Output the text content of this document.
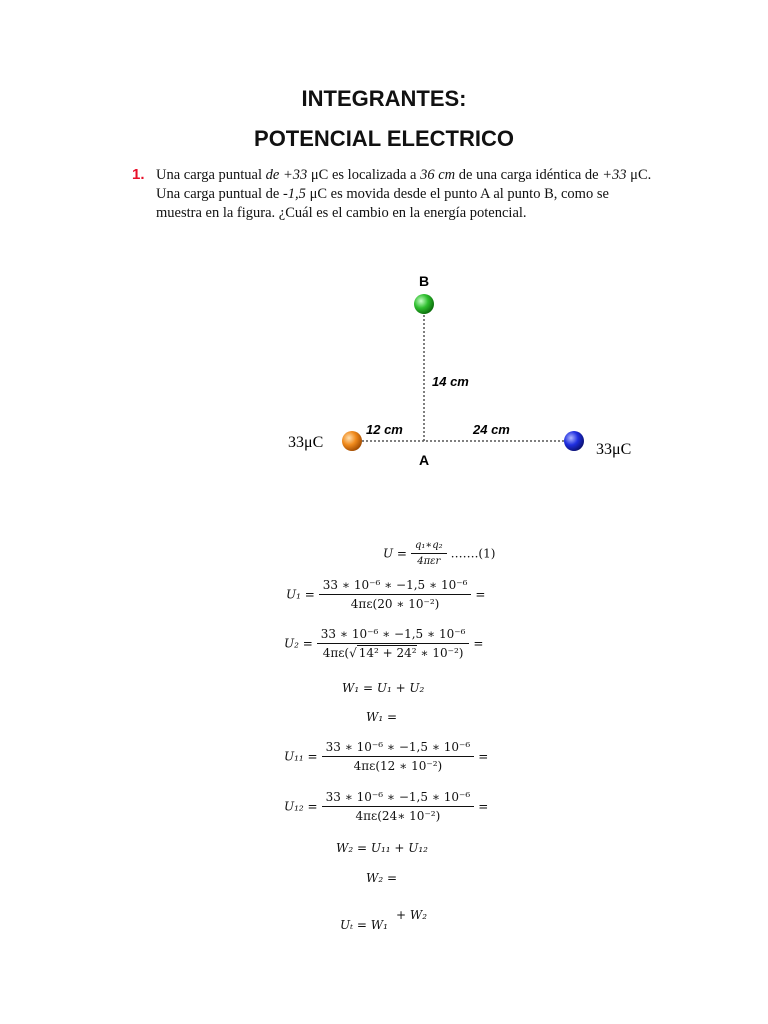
INTEGRANTES:
POTENCIAL ELECTRICO
1. Una carga puntual de +33 μC es localizada a 36 cm de una carga idéntica de +33 μC. Una carga puntual de -1,5 μC es movida desde el punto A al punto B, como se muestra en la figura. ¿Cuál es el cambio en la energía potencial.
B
A
14 cm
12 cm	24 cm
33μC	33μC
$U = \frac{\text{q₁∗q₂}}{\text{4πεr}}$ …….(1)
$U_1 = \frac{\text{33 ∗ 10⁻⁶ ∗ −1,5 ∗ 10⁻⁶}}{\text{4πε(20 ∗ 10⁻²)}}$ =
$U_2 = \frac{\text{33 ∗ 10⁻⁶ ∗ −1,5 ∗ 10⁻⁶}}{\text{4πε(√ 14² + 24² ∗ 10⁻²)}}$ =
W₁ = U₁ + U₂
W₁ =
$U_{11} = \frac{\text{33 ∗ 10⁻⁶ ∗ −1,5 ∗ 10⁻⁶}}{\text{4πε(12 ∗ 10⁻²)}}$ =
$U_{12} = \frac{\text{33 ∗ 10⁻⁶ ∗ −1,5 ∗ 10⁻⁶}}{\text{4πε(24∗ 10⁻²)}}$ =
W₂ = U₁₁ + U₁₂
W₂ =
Uₜ = W₁
+ W₂
